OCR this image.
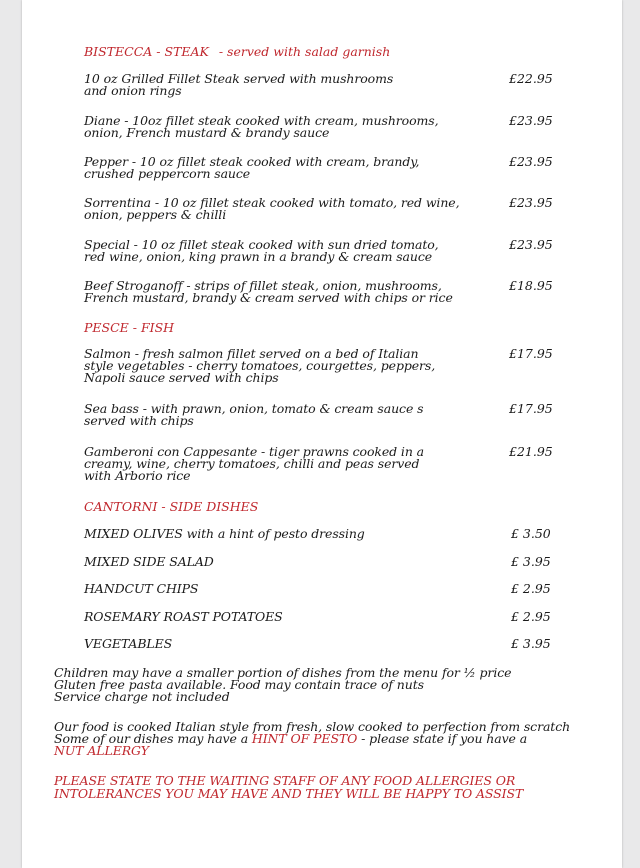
BISTECCA - STEAK - served with salad garnish
10 oz Grilled Fillet Steak served with mushrooms
and onion rings
£22.95
Diane - 10oz fillet steak cooked with cream, mushrooms,
onion, French mustard & brandy sauce
£23.95
Pepper - 10 oz fillet steak cooked with cream, brandy,
crushed peppercorn sauce
£23.95
Sorrentina - 10 oz fillet steak cooked with tomato, red wine,
onion, peppers & chilli
£23.95
Special - 10 oz fillet steak cooked with sun dried tomato,
red wine, onion, king prawn in a brandy & cream sauce
£23.95
Beef Stroganoff - strips of fillet steak, onion, mushrooms,
French mustard, brandy & cream served with chips or rice
£18.95
PESCE - FISH
Salmon - fresh salmon fillet served on a bed of Italian
style vegetables - cherry tomatoes, courgettes, peppers,
Napoli sauce served with chips
£17.95
Sea bass - with prawn, onion, tomato & cream sauce s
served with chips
£17.95
Gamberoni con Cappesante - tiger prawns cooked in a
creamy, wine, cherry tomatoes, chilli and peas served
with Arborio rice
£21.95
CANTORNI - SIDE DISHES
MIXED OLIVES with a hint of pesto dressing	£ 3.50
MIXED SIDE SALAD	£ 3.95
HANDCUT CHIPS	£ 2.95
ROSEMARY ROAST POTATOES	£ 2.95
VEGETABLES	£ 3.95
Children may have a smaller portion of dishes from the menu for ½ price
Gluten free pasta available. Food may contain trace of nuts
Service charge not included
Our food is cooked Italian style from fresh, slow cooked to perfection from scratch
Some of our dishes may have a HINT OF PESTO - please state if you have a
NUT ALLERGY
PLEASE STATE TO THE WAITING STAFF OF ANY FOOD ALLERGIES OR
INTOLERANCES YOU MAY HAVE AND THEY WILL BE HAPPY TO ASSIST
